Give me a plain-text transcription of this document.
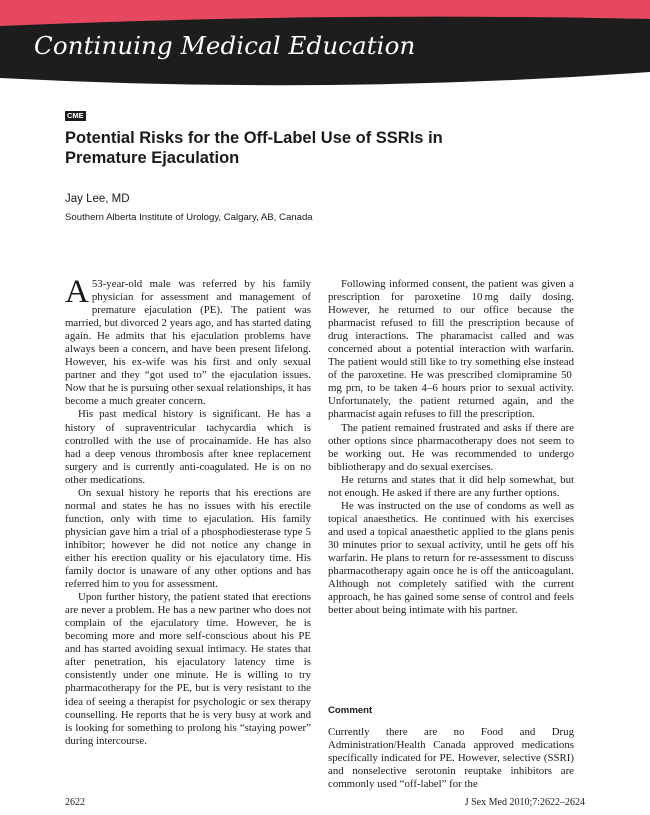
Continuing Medical Education
CME
Potential Risks for the Off-Label Use of SSRIs in Premature Ejaculation
Jay Lee, MD
Southern Alberta Institute of Urology, Calgary, AB, Canada

A 53-year-old male was referred by his family physician for assessment and management of premature ejaculation (PE). The patient was married, but divorced 2 years ago, and has started dating again. He admits that his ejaculation problems have always been a concern, and have been present lifelong. However, his ex-wife was his first and only sexual partner and they “got used to” the ejaculation issues. Now that he is pursuing other sexual relationships, it has become a much greater concern.

His past medical history is significant. He has a history of supraventricular tachycardia which is controlled with the use of procainamide. He has also had a deep venous thrombosis after knee replacement surgery and is currently anti-coagulated. He is on no other medications.

On sexual history he reports that his erections are normal and states he has no issues with his erectile function, only with time to ejaculation. His family physician gave him a trial of a phosphodiesterase type 5 inhibitor; however he did not notice any change in either his erection quality or his ejaculatory time. His family doctor is unaware of any other options and has referred him to you for assessment.

Upon further history, the patient stated that erections are never a problem. He has a new partner who does not complain of the ejaculatory time. However, he is becoming more and more self-conscious about his PE and has started avoiding sexual intimacy. He states that after penetration, his ejaculatory latency time is consistently under one minute. He is willing to try pharmacotherapy for the PE, but is very resistant to the idea of seeing a therapist for psychologic or sex therapy counselling. He reports that he is very busy at work and is looking for something to prolong his “staying power” during intercourse.

Following informed consent, the patient was given a prescription for paroxetine 10 mg daily dosing. However, he returned to our office because the pharmacist refused to fill the prescription because of drug interactions. The pharamacist called and was concerned about a potential interaction with warfarin. The patient would still like to try something else instead of the paroxetine. He was prescribed clomipramine 50 mg prn, to be taken 4–6 hours prior to sexual activity. Unfortunately, the patient returned again, and the pharmacist again refuses to fill the prescription.

The patient remained frustrated and asks if there are other options since pharmacotherapy does not seem to be working out. He was recommended to undergo bibliotherapy and do sexual exercises.

He returns and states that it did help somewhat, but not enough. He asked if there are any further options.

He was instructed on the use of condoms as well as topical anaesthetics. He continued with his exercises and used a topical anaesthetic applied to the glans penis 30 minutes prior to sexual activity, until he gets off his warfarin. He plans to return for re-assessment to discuss pharmacotherapy again once he is off the anticoagulant. Although not completely satified with the current approach, he has gained some sense of control and feels better about being intimate with his partner.

Comment

Currently there are no Food and Drug Administration/Health Canada approved medications specifically indicated for PE. However, selective (SSRI) and nonselective serotonin reuptake inhibitors are commonly used “off-label” for the

2622	J Sex Med 2010;7:2622–2624
